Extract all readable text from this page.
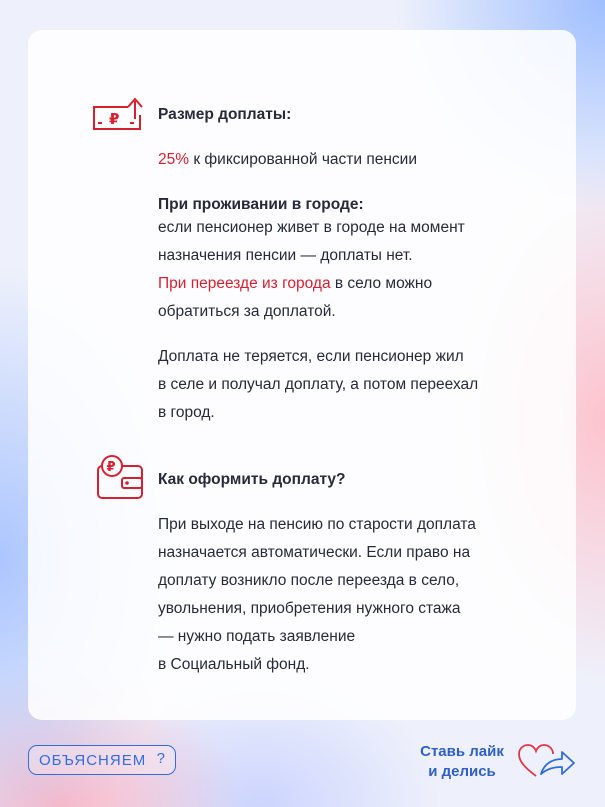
₽ Размер доплаты:
25% к фиксированной части пенсии
При проживании в городе:
если пенсионер живет в городе на момент
назначения пенсии — доплаты нет.
При переезде из города в село можно
обратиться за доплатой.
Доплата не теряется, если пенсионер жил
в селе и получал доплату, а потом переехал
в город.
₽
Как оформить доплату?
При выходе на пенсию по старости доплата
назначается автоматически. Если право на
доплату возникло после переезда в село,
увольнения, приобретения нужного стажа
— нужно подать заявление
в Социальный фонд.
ОБЪЯСНЯЕМ ?	Ставь лайк
и делись
